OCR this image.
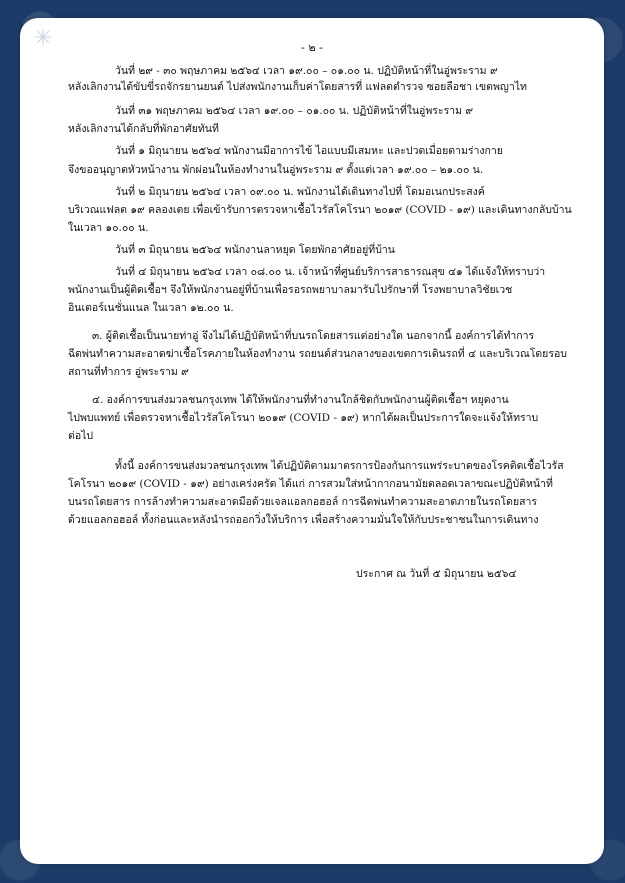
- ๒ -
วันที่ ๒๙ - ๓๐ พฤษภาคม ๒๕๖๔ เวลา ๑๙.๐๐ – ๐๑.๐๐ น. ปฏิบัติหน้าที่ในอู่พระราม ๙
หลังเลิกงานได้ขับขี่รถจักรยานยนต์ ไปส่งพนักงานเก็บค่าโดยสารที่ แฟลตตำรวจ ซอยลือชา เขตพญาไท
วันที่ ๓๑ พฤษภาคม ๒๕๖๔ เวลา ๑๙.๐๐ – ๐๑.๐๐ น. ปฏิบัติหน้าที่ในอู่พระราม ๙
หลังเลิกงานได้กลับที่พักอาศัยทันที
วันที่ ๑ มิถุนายน ๒๕๖๔ พนักงานมีอาการไข้ ไอแบบมีเสมหะ และปวดเมื่อยตามร่างกาย
จึงขออนุญาตหัวหน้างาน พักผ่อนในห้องทำงานในอู่พระราม ๙ ตั้งแต่เวลา ๑๙.๐๐ – ๒๑.๐๐ น.
วันที่ ๒ มิถุนายน ๒๕๖๔ เวลา ๐๙.๐๐ น. พนักงานได้เดินทางไปที่ โดมอเนกประสงค์
บริเวณแฟลต ๑๙ คลองเตย เพื่อเข้ารับการตรวจหาเชื้อไวรัสโคโรนา ๒๐๑๙ (COVID - ๑๙) และเดินทางกลับบ้าน
ในเวลา ๑๐.๐๐ น.
วันที่ ๓ มิถุนายน ๒๕๖๔ พนักงานลาหยุด โดยพักอาศัยอยู่ที่บ้าน
วันที่ ๔ มิถุนายน ๒๕๖๔ เวลา ๐๘.๐๐ น. เจ้าหน้าที่ศูนย์บริการสาธารณสุข ๔๑ ได้แจ้งให้ทราบว่า
พนักงานเป็นผู้ติดเชื้อฯ จึงให้พนักงานอยู่ที่บ้านเพื่อรอรถพยาบาลมารับไปรักษาที่ โรงพยาบาลวิชัยเวช
อินเตอร์เนชั่นแนล ในเวลา ๑๒.๐๐ น.
๓. ผู้ติดเชื้อเป็นนายท่าอู่ จึงไม่ได้ปฏิบัติหน้าที่บนรถโดยสารแต่อย่างใด นอกจากนี้ องค์การได้ทำการ
ฉีดพ่นทำความสะอาดฆ่าเชื้อโรคภายในห้องทำงาน รถยนต์ส่วนกลางของเขตการเดินรถที่ ๔ และบริเวณโดยรอบ
สถานที่ทำการ อู่พระราม ๙
๔. องค์การขนส่งมวลชนกรุงเทพ ได้ให้พนักงานที่ทำงานใกล้ชิดกับพนักงานผู้ติดเชื้อฯ หยุดงาน
ไปพบแพทย์ เพื่อตรวจหาเชื้อไวรัสโคโรนา ๒๐๑๙ (COVID - ๑๙) หากได้ผลเป็นประการใดจะแจ้งให้ทราบ
ต่อไป
ทั้งนี้ องค์การขนส่งมวลชนกรุงเทพ ได้ปฏิบัติตามมาตรการป้องกันการแพร่ระบาดของโรคติดเชื้อไวรัส
โคโรนา ๒๐๑๙ (COVID - ๑๙) อย่างเคร่งครัด ได้แก่ การสวมใส่หน้ากากอนามัยตลอดเวลาขณะปฏิบัติหน้าที่
บนรถโดยสาร การล้างทำความสะอาดมือด้วยเจลแอลกอฮอล์ การฉีดพ่นทำความสะอาดภายในรถโดยสาร
ด้วยแอลกอฮอล์ ทั้งก่อนและหลังนำรถออกวิ่งให้บริการ เพื่อสร้างความมั่นใจให้กับประชาชนในการเดินทาง
ประกาศ ณ วันที่ ๕ มิถุนายน ๒๕๖๔
